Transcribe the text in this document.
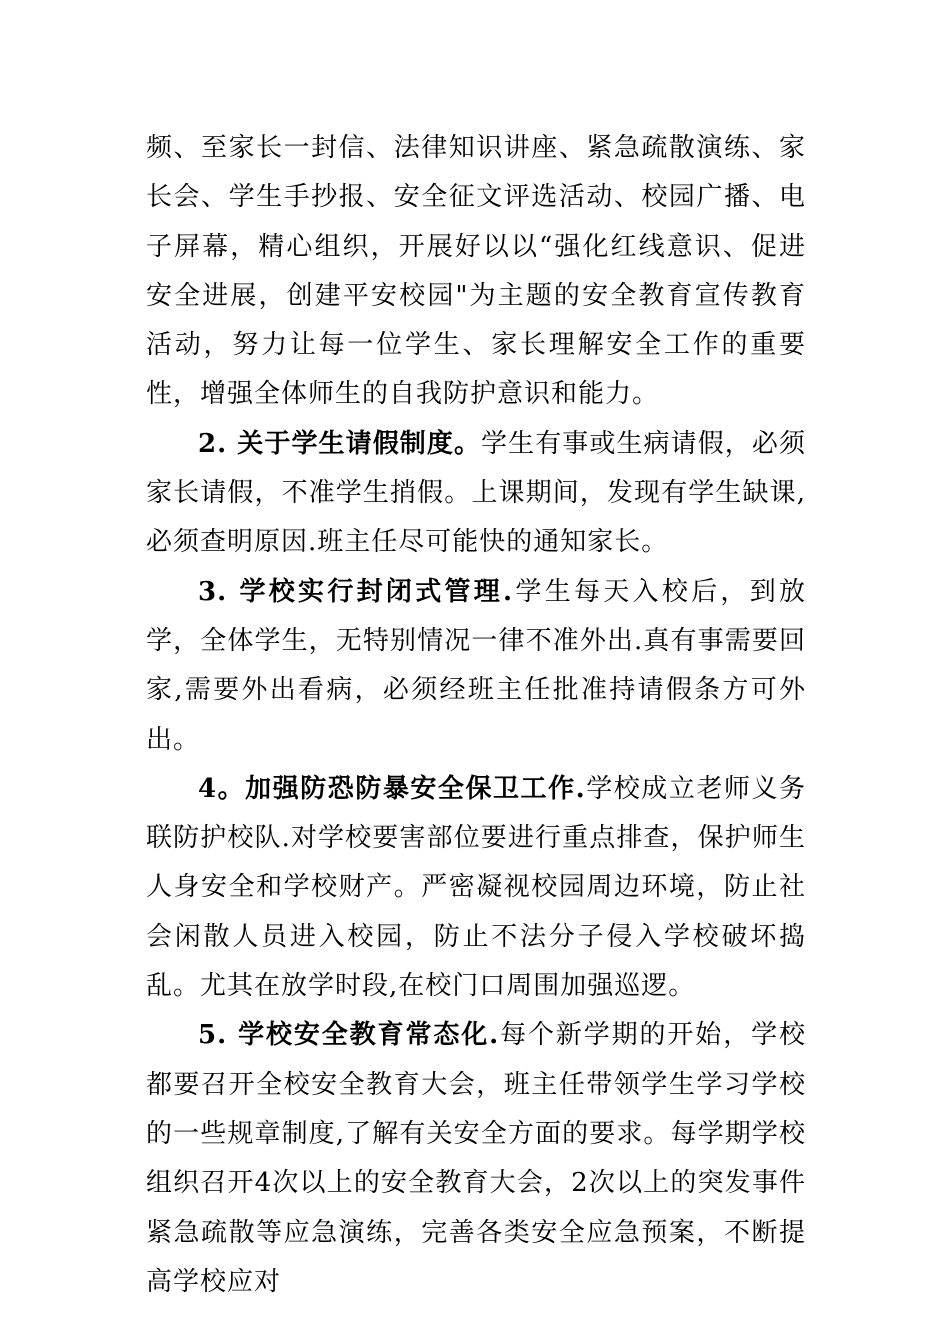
频、至家长一封信、法律知识讲座、紧急疏散演练、家长会、学生手抄报、安全征文评选活动、校园广播、电子屏幕，精心组织，开展好以以“强化红线意识、促进安全进展，创建平安校园"为主题的安全教育宣传教育活动，努力让每一位学生、家长理解安全工作的重要性，增强全体师生的自我防护意识和能力。

2. 关于学生请假制度。学生有事或生病请假，必须家长请假，不准学生捎假。上课期间，发现有学生缺课,必须查明原因.班主任尽可能快的通知家长。

3. 学校实行封闭式管理.学生每天入校后，到放学，全体学生，无特别情况一律不准外出.真有事需要回家,需要外出看病，必须经班主任批准持请假条方可外出。

4。加强防恐防暴安全保卫工作.学校成立老师义务联防护校队.对学校要害部位要进行重点排查，保护师生人身安全和学校财产。严密凝视校园周边环境，防止社会闲散人员进入校园，防止不法分子侵入学校破坏捣乱。尤其在放学时段,在校门口周围加强巡逻。

5. 学校安全教育常态化.每个新学期的开始，学校都要召开全校安全教育大会，班主任带领学生学习学校的一些规章制度,了解有关安全方面的要求。每学期学校组织召开4次以上的安全教育大会，2次以上的突发事件紧急疏散等应急演练，完善各类安全应急预案，不断提高学校应对
